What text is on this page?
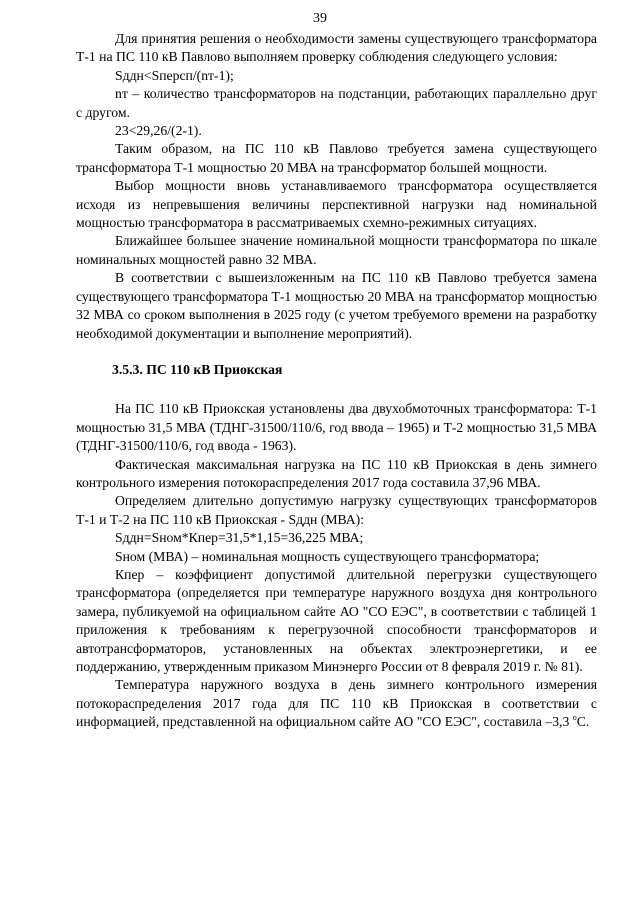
39

Для принятия решения о необходимости замены существующего трансформатора Т-1 на ПС 110 кВ Павлово выполняем проверку соблюдения следующего условия:

Sддн<Sперсп/(nт-1);

nт – количество трансформаторов на подстанции, работающих параллельно друг с другом.

23<29,26/(2-1).

Таким образом, на ПС 110 кВ Павлово требуется замена существующего трансформатора Т-1 мощностью 20 МВА на трансформатор большей мощности.

Выбор мощности вновь устанавливаемого трансформатора осуществляется исходя из непревышения величины перспективной нагрузки над номинальной мощностью трансформатора в рассматриваемых схемно-режимных ситуациях.

Ближайшее большее значение номинальной мощности трансформатора по шкале номинальных мощностей равно 32 МВА.

В соответствии с вышеизложенным на ПС 110 кВ Павлово требуется замена существующего трансформатора Т-1 мощностью 20 МВА на трансформатор мощностью 32 МВА со сроком выполнения в 2025 году (с учетом требуемого времени на разработку необходимой документации и выполнение мероприятий).

3.5.3. ПС 110 кВ Приокская

На ПС 110 кВ Приокская установлены два двухобмоточных трансформатора: Т-1 мощностью 31,5 МВА (ТДНГ-31500/110/6, год ввода – 1965) и Т-2 мощностью 31,5 МВА (ТДНГ-31500/110/6, год ввода - 1963).

Фактическая максимальная нагрузка на ПС 110 кВ Приокская в день зимнего контрольного измерения потокораспределения 2017 года составила 37,96 МВА.

Определяем длительно допустимую нагрузку существующих трансформаторов Т-1 и Т-2 на ПС 110 кВ Приокская - Sддн (МВА):

Sддн=Sном*Кпер=31,5*1,15=36,225 МВА;

Sном (МВА) – номинальная мощность существующего трансформатора;

Кпер – коэффициент допустимой длительной перегрузки существующего трансформатора (определяется при температуре наружного воздуха дня контрольного замера, публикуемой на официальном сайте АО "СО ЕЭС", в соответствии с таблицей 1 приложения к требованиям к перегрузочной способности трансформаторов и автотрансформаторов, установленных на объектах электроэнергетики, и ее поддержанию, утвержденным приказом Минэнерго России от 8 февраля 2019 г. № 81).

Температура наружного воздуха в день зимнего контрольного измерения потокораспределения 2017 года для ПС 110 кВ Приокская в соответствии с информацией, представленной на официальном сайте АО "СО ЕЭС", составила –3,3 $^o$С.
